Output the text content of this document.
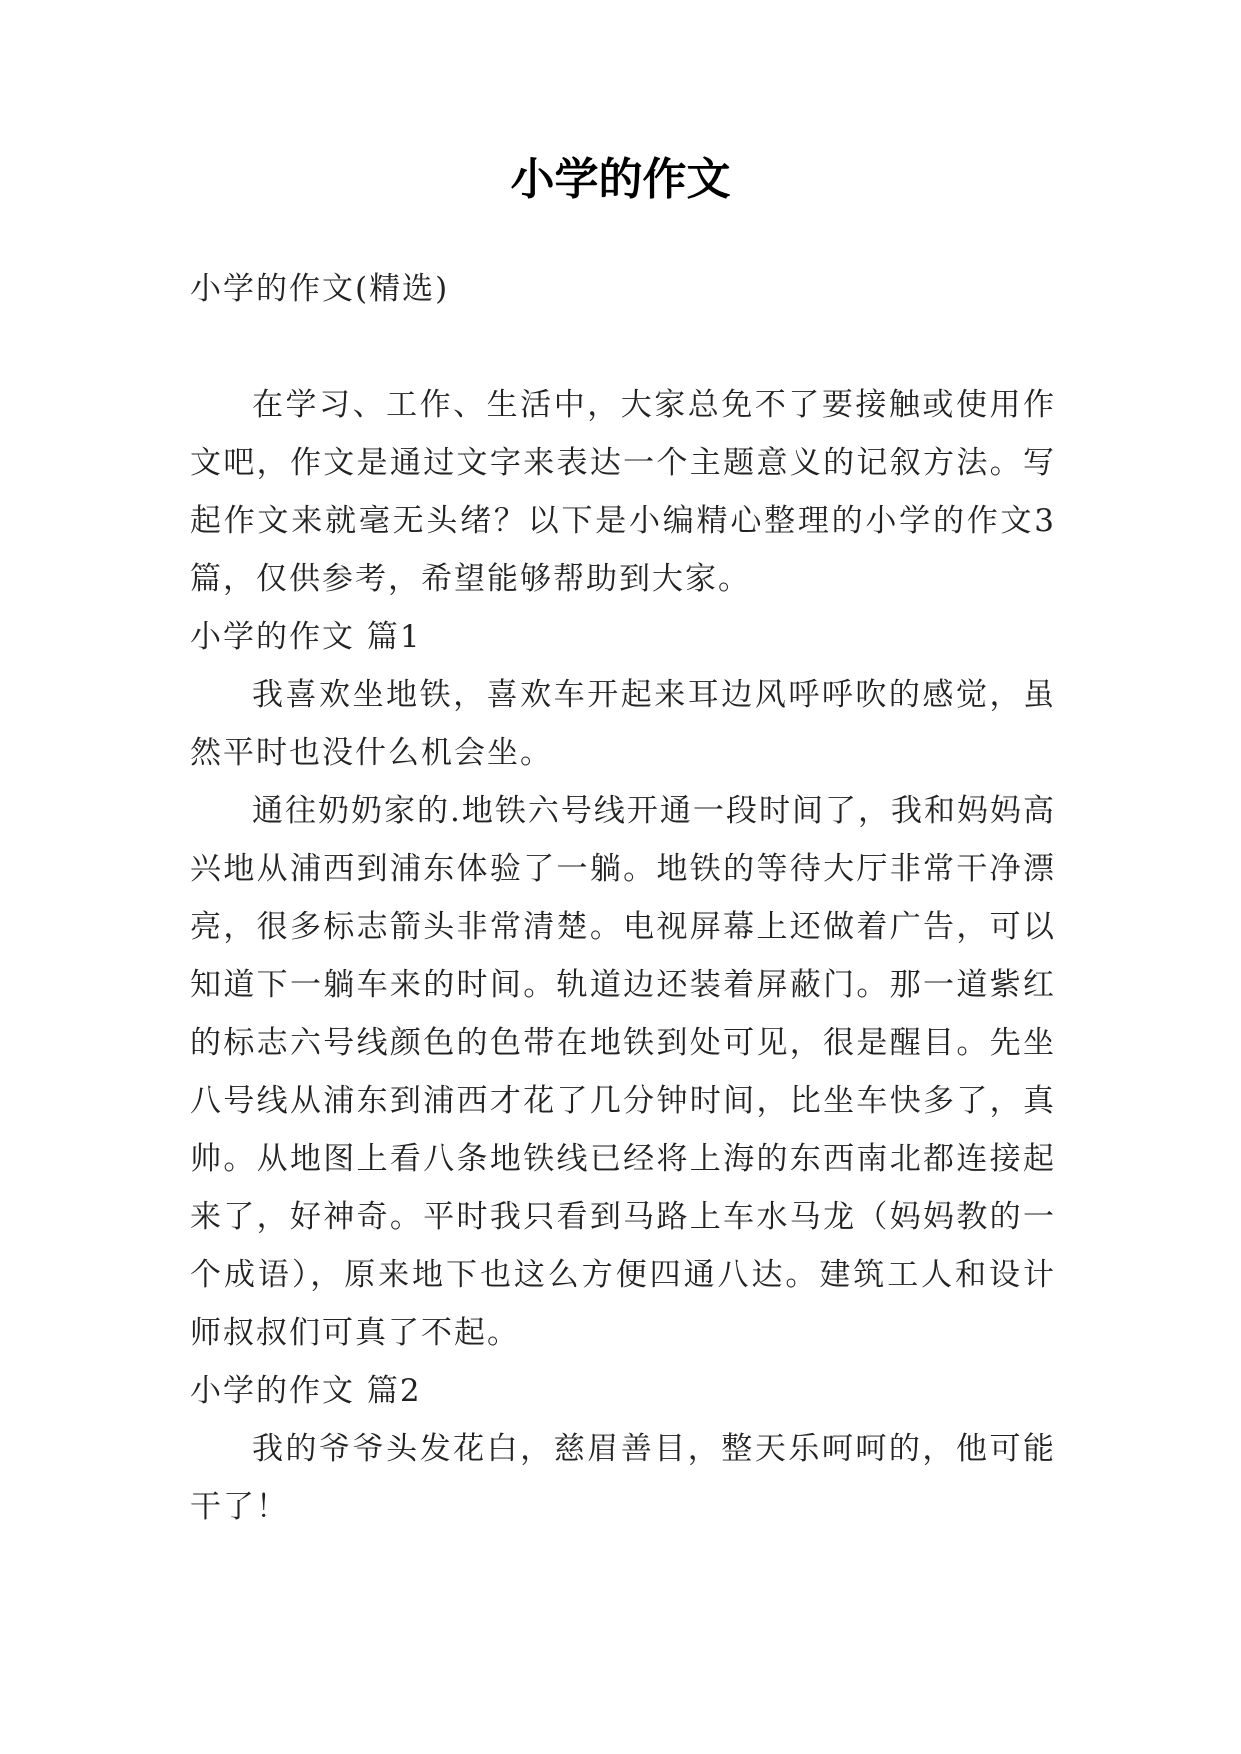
小学的作文

小学的作文(精选)

在学习、工作、生活中，大家总免不了要接触或使用作文吧，作文是通过文字来表达一个主题意义的记叙方法。写起作文来就毫无头绪？以下是小编精心整理的小学的作文3篇，仅供参考，希望能够帮助到大家。

小学的作文 篇1

我喜欢坐地铁，喜欢车开起来耳边风呼呼吹的感觉，虽然平时也没什么机会坐。

通往奶奶家的.地铁六号线开通一段时间了，我和妈妈高兴地从浦西到浦东体验了一躺。地铁的等待大厅非常干净漂亮，很多标志箭头非常清楚。电视屏幕上还做着广告，可以知道下一躺车来的时间。轨道边还装着屏蔽门。那一道紫红的标志六号线颜色的色带在地铁到处可见，很是醒目。先坐八号线从浦东到浦西才花了几分钟时间，比坐车快多了，真帅。从地图上看八条地铁线已经将上海的东西南北都连接起来了，好神奇。平时我只看到马路上车水马龙（妈妈教的一个成语），原来地下也这么方便四通八达。建筑工人和设计师叔叔们可真了不起。

小学的作文 篇2

我的爷爷头发花白，慈眉善目，整天乐呵呵的，他可能干了！
